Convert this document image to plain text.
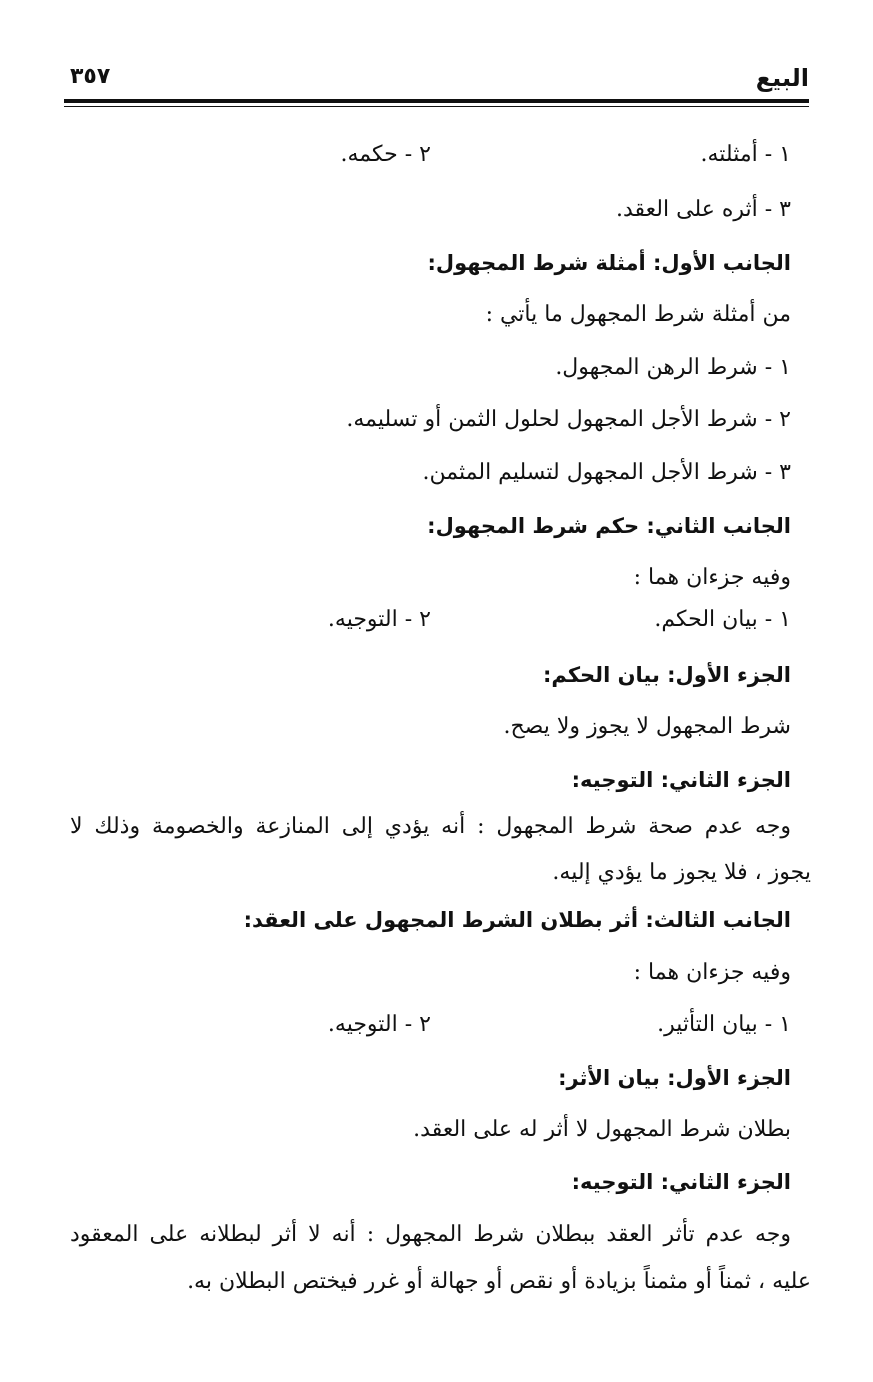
البيع
٣٥٧
١ - أمثلته.
٢ - حكمه.
٣ - أثره على العقد.
الجانب الأول: أمثلة شرط المجهول:
من أمثلة شرط المجهول ما يأتي :
١ - شرط الرهن المجهول.
٢ - شرط الأجل المجهول لحلول الثمن أو تسليمه.
٣ - شرط الأجل المجهول لتسليم المثمن.
الجانب الثاني: حكم شرط المجهول:
وفيه جزءان هما :
١ - بيان الحكم.
٢ - التوجيه.
الجزء الأول: بيان الحكم:
شرط المجهول لا يجوز ولا يصح.
الجزء الثاني: التوجيه:
وجه عدم صحة شرط المجهول : أنه يؤدي إلى المنازعة والخصومة وذلك لا
يجوز ، فلا يجوز ما يؤدي إليه.
الجانب الثالث: أثر بطلان الشرط المجهول على العقد:
وفيه جزءان هما :
١ - بيان التأثير.
٢ - التوجيه.
الجزء الأول: بيان الأثر:
بطلان شرط المجهول لا أثر له على العقد.
الجزء الثاني: التوجيه:
وجه عدم تأثر العقد ببطلان شرط المجهول : أنه لا أثر لبطلانه على المعقود
عليه ، ثمناً أو مثمناً بزيادة أو نقص أو جهالة أو غرر فيختص البطلان به.
